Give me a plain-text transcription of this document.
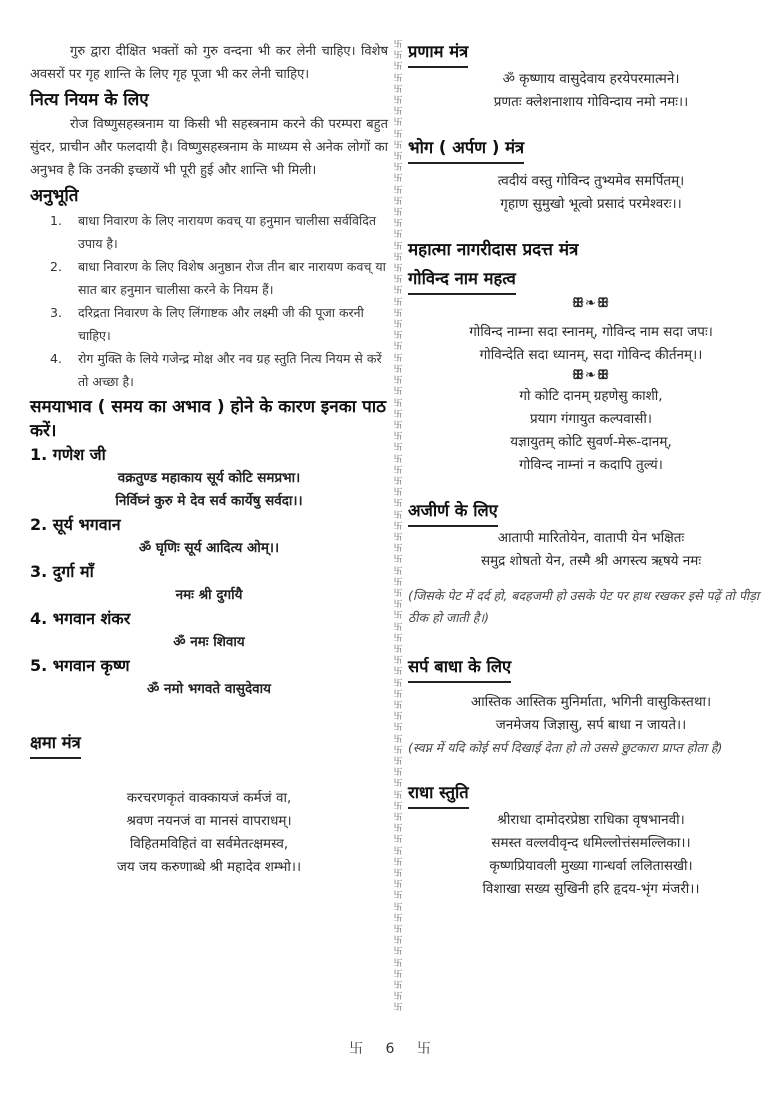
गुरु द्वारा दीक्षित भक्तों को गुरु वन्दना भी कर लेनी चाहिए। विशेष अवसरों पर गृह शान्ति के लिए गृह पूजा भी कर लेनी चाहिए।

नित्य नियम के लिए

रोज विष्णुसहस्त्रनाम या किसी भी सहस्त्रनाम करने की परम्परा बहुत सुंदर, प्राचीन और फलदायी है। विष्णुसहस्त्रनाम के माध्यम से अनेक लोगों का अनुभव है कि उनकी इच्छायें भी पूरी हुई और शान्ति भी मिली।

अनुभूति
1.	बाधा निवारण के लिए नारायण कवच् या हनुमान चालीसा सर्वविदित उपाय है।
2.	बाधा निवारण के लिए विशेष अनुष्ठान रोज तीन बार नारायण कवच् या सात बार हनुमान चालीसा करने के नियम हैं।
3.	दरिद्रता निवारण के लिए लिंगाष्टक और लक्ष्मी जी की पूजा करनी चाहिए।
4.	रोग मुक्ति के लिये गजेन्द्र मोक्ष और नव ग्रह स्तुति नित्य नियम से करें तो अच्छा है।
समयाभाव ( समय का अभाव ) होने के कारण इनका पाठ करें।
1. गणेश जी
वक्रतुण्ड महाकाय सूर्य कोटि समप्रभा।
निर्विघ्नं कुरु मे देव सर्व कार्येषु सर्वदा।।
2. सूर्य भगवान
ॐ घृणिः सूर्य आदित्य ओम्।।
3. दुर्गा माँ
नमः श्री दुर्गायै
4. भगवान शंकर
ॐ नमः शिवाय
5. भगवान कृष्ण
ॐ नमो भगवते वासुदेवाय
क्षमा मंत्र
करचरणकृतं वाक्कायजं कर्मजं वा,
श्रवण नयनजं वा मानसं वापराधम्।
विहितमविहितं वा सर्वमेतत्क्षमस्व,
जय जय करुणाब्धे श्री महादेव शम्भो।।
卐
卐
卐
卐
卐
卐
卐
卐
卐
卐
卐
卐
卐
卐
卐
卐
卐
卐
卐
卐
卐
卐
卐
卐
卐
卐
卐
卐
卐
卐
卐
卐
卐
卐
卐
卐
卐
卐
卐
卐
卐
卐
卐
卐
卐
卐
卐
卐
卐
卐
卐
卐
卐
卐
卐
卐
卐
卐
卐
卐
卐
卐
卐
卐
卐
卐
卐
卐
卐
卐
卐
卐
卐
卐
卐
卐
卐
卐
卐
卐
卐
卐
卐
卐
卐
卐
卐
प्रणाम मंत्र
ॐ कृष्णाय वासुदेवाय हरयेपरमात्मने।
प्रणतः क्लेशनाशाय गोविन्दाय नमो नमः।।
भोग ( अर्पण ) मंत्र
त्वदीयं वस्तु गोविन्द तुभ्यमेव समर्पितम्।
गृहाण सुमुखो भूत्वो प्रसादं परमेश्वरः।।
महात्मा नागरीदास प्रदत्त मंत्र
गोविन्द नाम महत्व
ꕥ❧ꕥ
गोविन्द नाम्ना सदा स्नानम्, गोविन्द नाम सदा जपः।
गोविन्देति सदा ध्यानम्, सदा गोविन्द कीर्तनम्।।
ꕥ❧ꕥ
गो कोटि दानम् ग्रहणेसु काशी,
प्रयाग गंगायुत कल्पवासी।
यज्ञायुतम् कोटि सुवर्ण-मेरू-दानम्,
गोविन्द नाम्नां न कदापि तुल्यं।
अजीर्ण के लिए
आतापी मारितोयेन, वातापी येन भक्षितः
समुद्र शोषतो येन, तस्मै श्री अगस्त्य ऋषये नमः

(जिसके पेट में दर्द हो, बदहजमी हो उसके पेट पर हाथ रखकर इसे पढ़ें तो पीड़ा ठीक हो जाती है।)

सर्प बाधा के लिए
आस्तिक आस्तिक मुनिर्माता, भगिनी वासुकिस्तथा।
जनमेजय जिज्ञासु, सर्प बाधा न जायते।।

(स्वप्न में यदि कोई सर्प दिखाई देता हो तो उससे छुटकारा प्राप्त होता है)

राधा स्तुति
श्रीराधा दामोदरप्रेष्ठा राधिका वृषभानवी।
समस्त वल्लवीवृन्द धमिल्लोत्तंसमल्लिका।।
कृष्णप्रियावली मुख्या गान्धर्वा ललितासखी।
विशाखा सख्य सुखिनी हरि हृदय-भृंग मंजरी।।
卐 6 卐
